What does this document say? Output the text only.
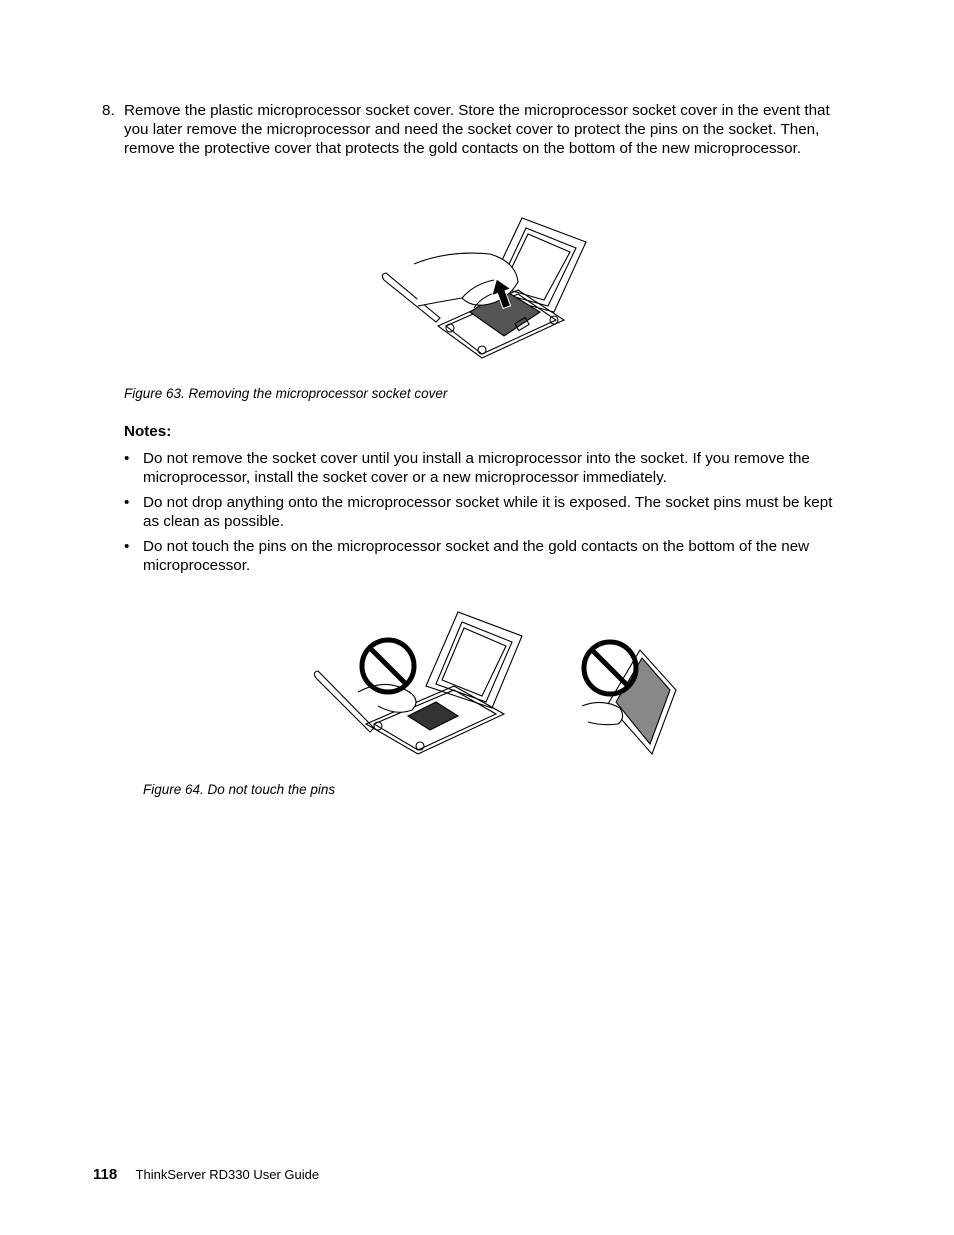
8. Remove the plastic microprocessor socket cover. Store the microprocessor socket cover in the event that you later remove the microprocessor and need the socket cover to protect the pins on the socket. Then, remove the protective cover that protects the gold contacts on the bottom of the new microprocessor.
Figure 63. Removing the microprocessor socket cover
Notes:
• Do not remove the socket cover until you install a microprocessor into the socket. If you remove the microprocessor, install the socket cover or a new microprocessor immediately.
• Do not drop anything onto the microprocessor socket while it is exposed. The socket pins must be kept as clean as possible.
• Do not touch the pins on the microprocessor socket and the gold contacts on the bottom of the new microprocessor.
Figure 64. Do not touch the pins
118 ThinkServer RD330 User Guide
